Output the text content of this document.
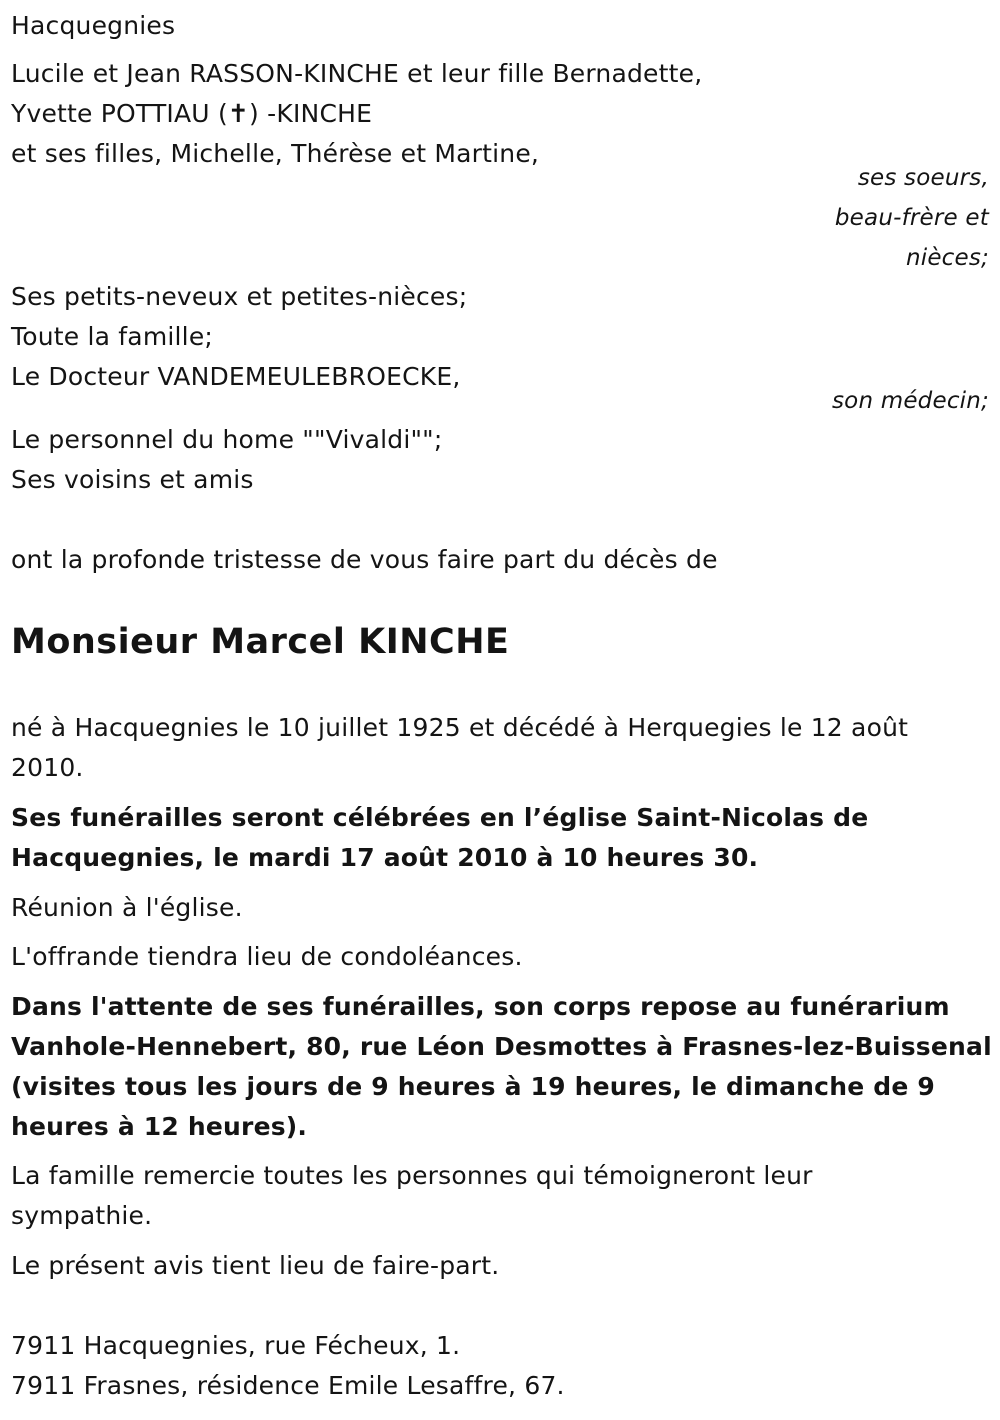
Hacquegnies
Lucile et Jean RASSON-KINCHE et leur fille Bernadette,
Yvette POTTIAU (✝) -KINCHE
et ses filles, Michelle, Thérèse et Martine,
ses soeurs,
beau-frère et
nièces;
Ses petits-neveux et petites-nièces;
Toute la famille;
Le Docteur VANDEMEULEBROECKE,
son médecin;
Le personnel du home ""Vivaldi"";
Ses voisins et amis
ont la profonde tristesse de vous faire part du décès de
Monsieur Marcel KINCHE
né à Hacquegnies le 10 juillet 1925 et décédé à Herquegies le 12 août
2010.
Ses funérailles seront célébrées en l’église Saint-Nicolas de
Hacquegnies, le mardi 17 août 2010 à 10 heures 30.
Réunion à l'église.
L'offrande tiendra lieu de condoléances.
Dans l'attente de ses funérailles, son corps repose au funérarium
Vanhole-Hennebert, 80, rue Léon Desmottes à Frasnes-lez-Buissenal
(visites tous les jours de 9 heures à 19 heures, le dimanche de 9
heures à 12 heures).
La famille remercie toutes les personnes qui témoigneront leur
sympathie.
Le présent avis tient lieu de faire-part.
7911 Hacquegnies, rue Fécheux, 1.
7911 Frasnes, résidence Emile Lesaffre, 67.
